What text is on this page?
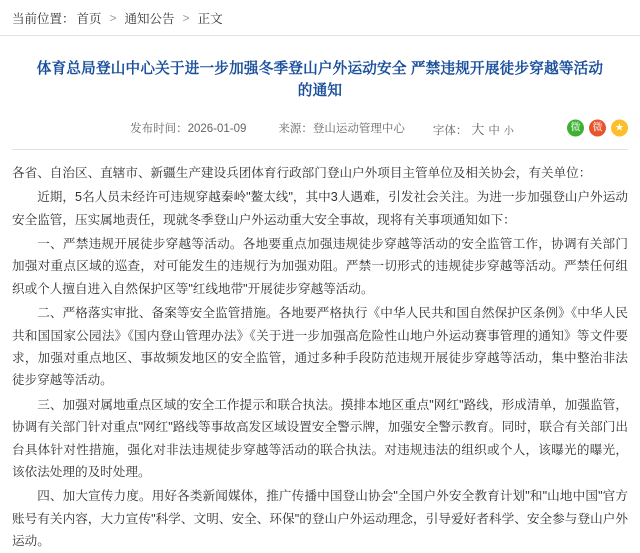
当前位置： 首页 > 通知公告 > 正文
体育总局登山中心关于进一步加强冬季登山户外运动安全 严禁违规开展徒步穿越等活动的通知
发布时间：2026-01-09	来源：登山运动管理中心 字体： 大 中 小	微	微	★

各省、自治区、直辖市、新疆生产建设兵团体育行政部门登山户外项目主管单位及相关协会，有关单位：

近期，5名人员未经许可违规穿越秦岭"鳌太线"，其中3人遇难，引发社会关注。为进一步加强登山户外运动安全监管，压实属地责任，现就冬季登山户外运动重大安全事故，现将有关事项通知如下：

一、严禁违规开展徒步穿越等活动。各地要重点加强违规徒步穿越等活动的安全监管工作，协调有关部门加强对重点区域的巡查，对可能发生的违规行为加强劝阻。严禁一切形式的违规徒步穿越等活动。严禁任何组织或个人擅自进入自然保护区等"红线地带"开展徒步穿越等活动。

二、严格落实审批、备案等安全监管措施。各地要严格执行《中华人民共和国自然保护区条例》《中华人民共和国国家公园法》《国内登山管理办法》《关于进一步加强高危险性山地户外运动赛事管理的通知》等文件要求，加强对重点地区、事故频发地区的安全监管，通过多种手段防范违规开展徒步穿越等活动，集中整治非法徒步穿越等活动。

三、加强对属地重点区域的安全工作提示和联合执法。摸排本地区重点"网红"路线，形成清单，加强监管，协调有关部门针对重点"网红"路线等事故高发区域设置安全警示牌，加强安全警示教育。同时，联合有关部门出台具体针对性措施，强化对非法违规徒步穿越等活动的联合执法。对违规违法的组织或个人，该曝光的曝光，该依法处理的及时处理。

四、加大宣传力度。用好各类新闻媒体，推广传播中国登山协会"全国户外安全教育计划"和"山地中国"官方账号有关内容，大力宣传"科学、文明、安全、环保"的登山户外运动理念，引导爱好者科学、安全参与登山户外运动。
